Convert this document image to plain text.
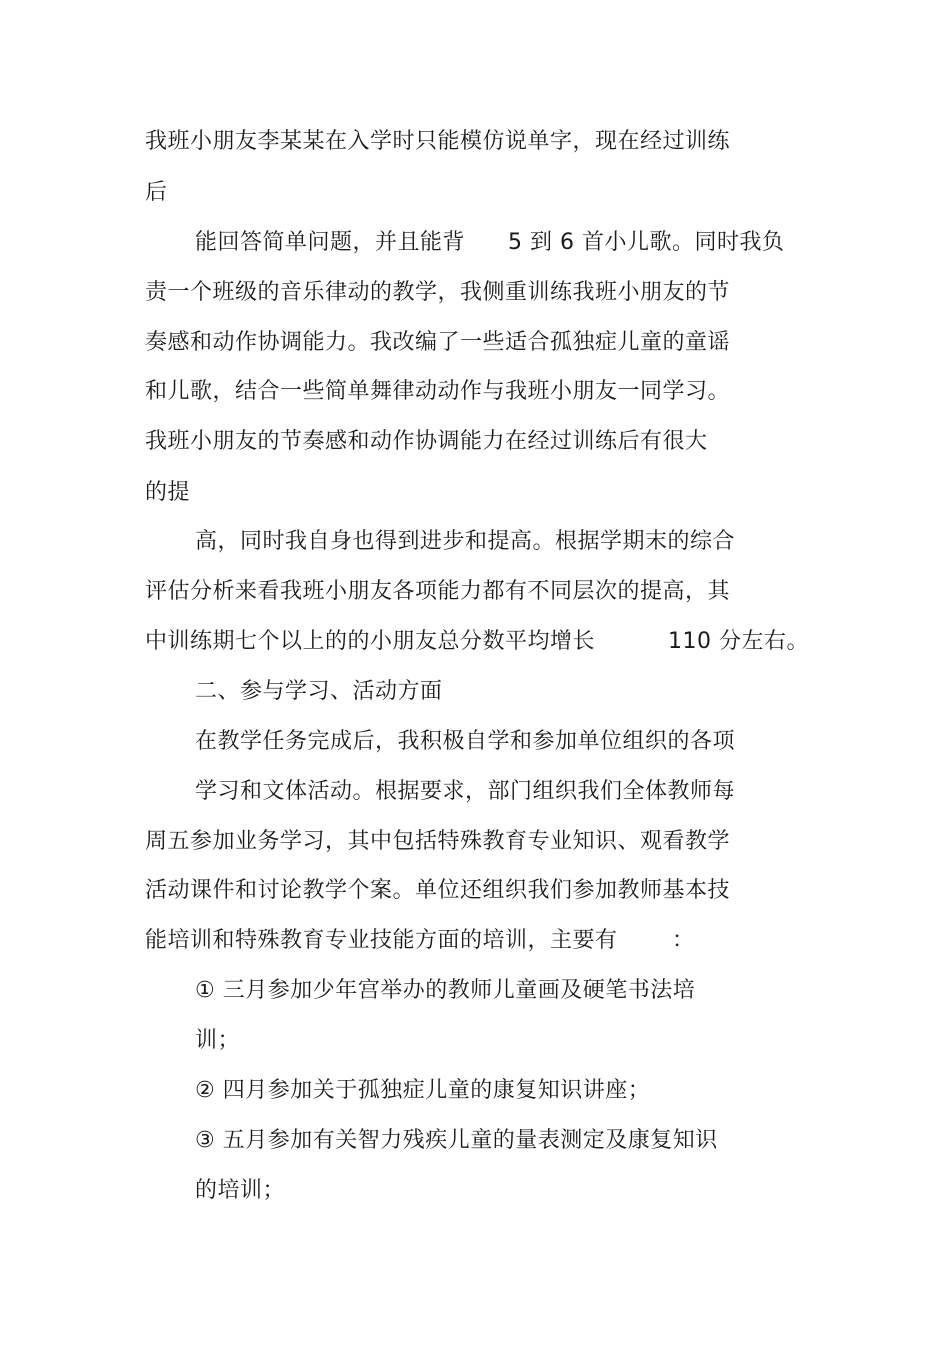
我班小朋友李某某在入学时只能模仿说单字，现在经过训练
后
能回答简单问题，并且能背 5 到 6 首小儿歌。同时我负
责一个班级的音乐律动的教学，我侧重训练我班小朋友的节
奏感和动作协调能力。我改编了一些适合孤独症儿童的童谣
和儿歌，结合一些简单舞律动动作与我班小朋友一同学习。
我班小朋友的节奏感和动作协调能力在经过训练后有很大
的提
高，同时我自身也得到进步和提高。根据学期末的综合
评估分析来看我班小朋友各项能力都有不同层次的提高，其
中训练期七个以上的的小朋友总分数平均增长	110 分左右。
二、参与学习、活动方面
在教学任务完成后，我积极自学和参加单位组织的各项
学习和文体活动。根据要求，部门组织我们全体教师每
周五参加业务学习，其中包括特殊教育专业知识、观看教学
活动课件和讨论教学个案。单位还组织我们参加教师基本技
能培训和特殊教育专业技能方面的培训，主要有 ：
① 三月参加少年宫举办的教师儿童画及硬笔书法培
训；
② 四月参加关于孤独症儿童的康复知识讲座；
③ 五月参加有关智力残疾儿童的量表测定及康复知识
的培训；
